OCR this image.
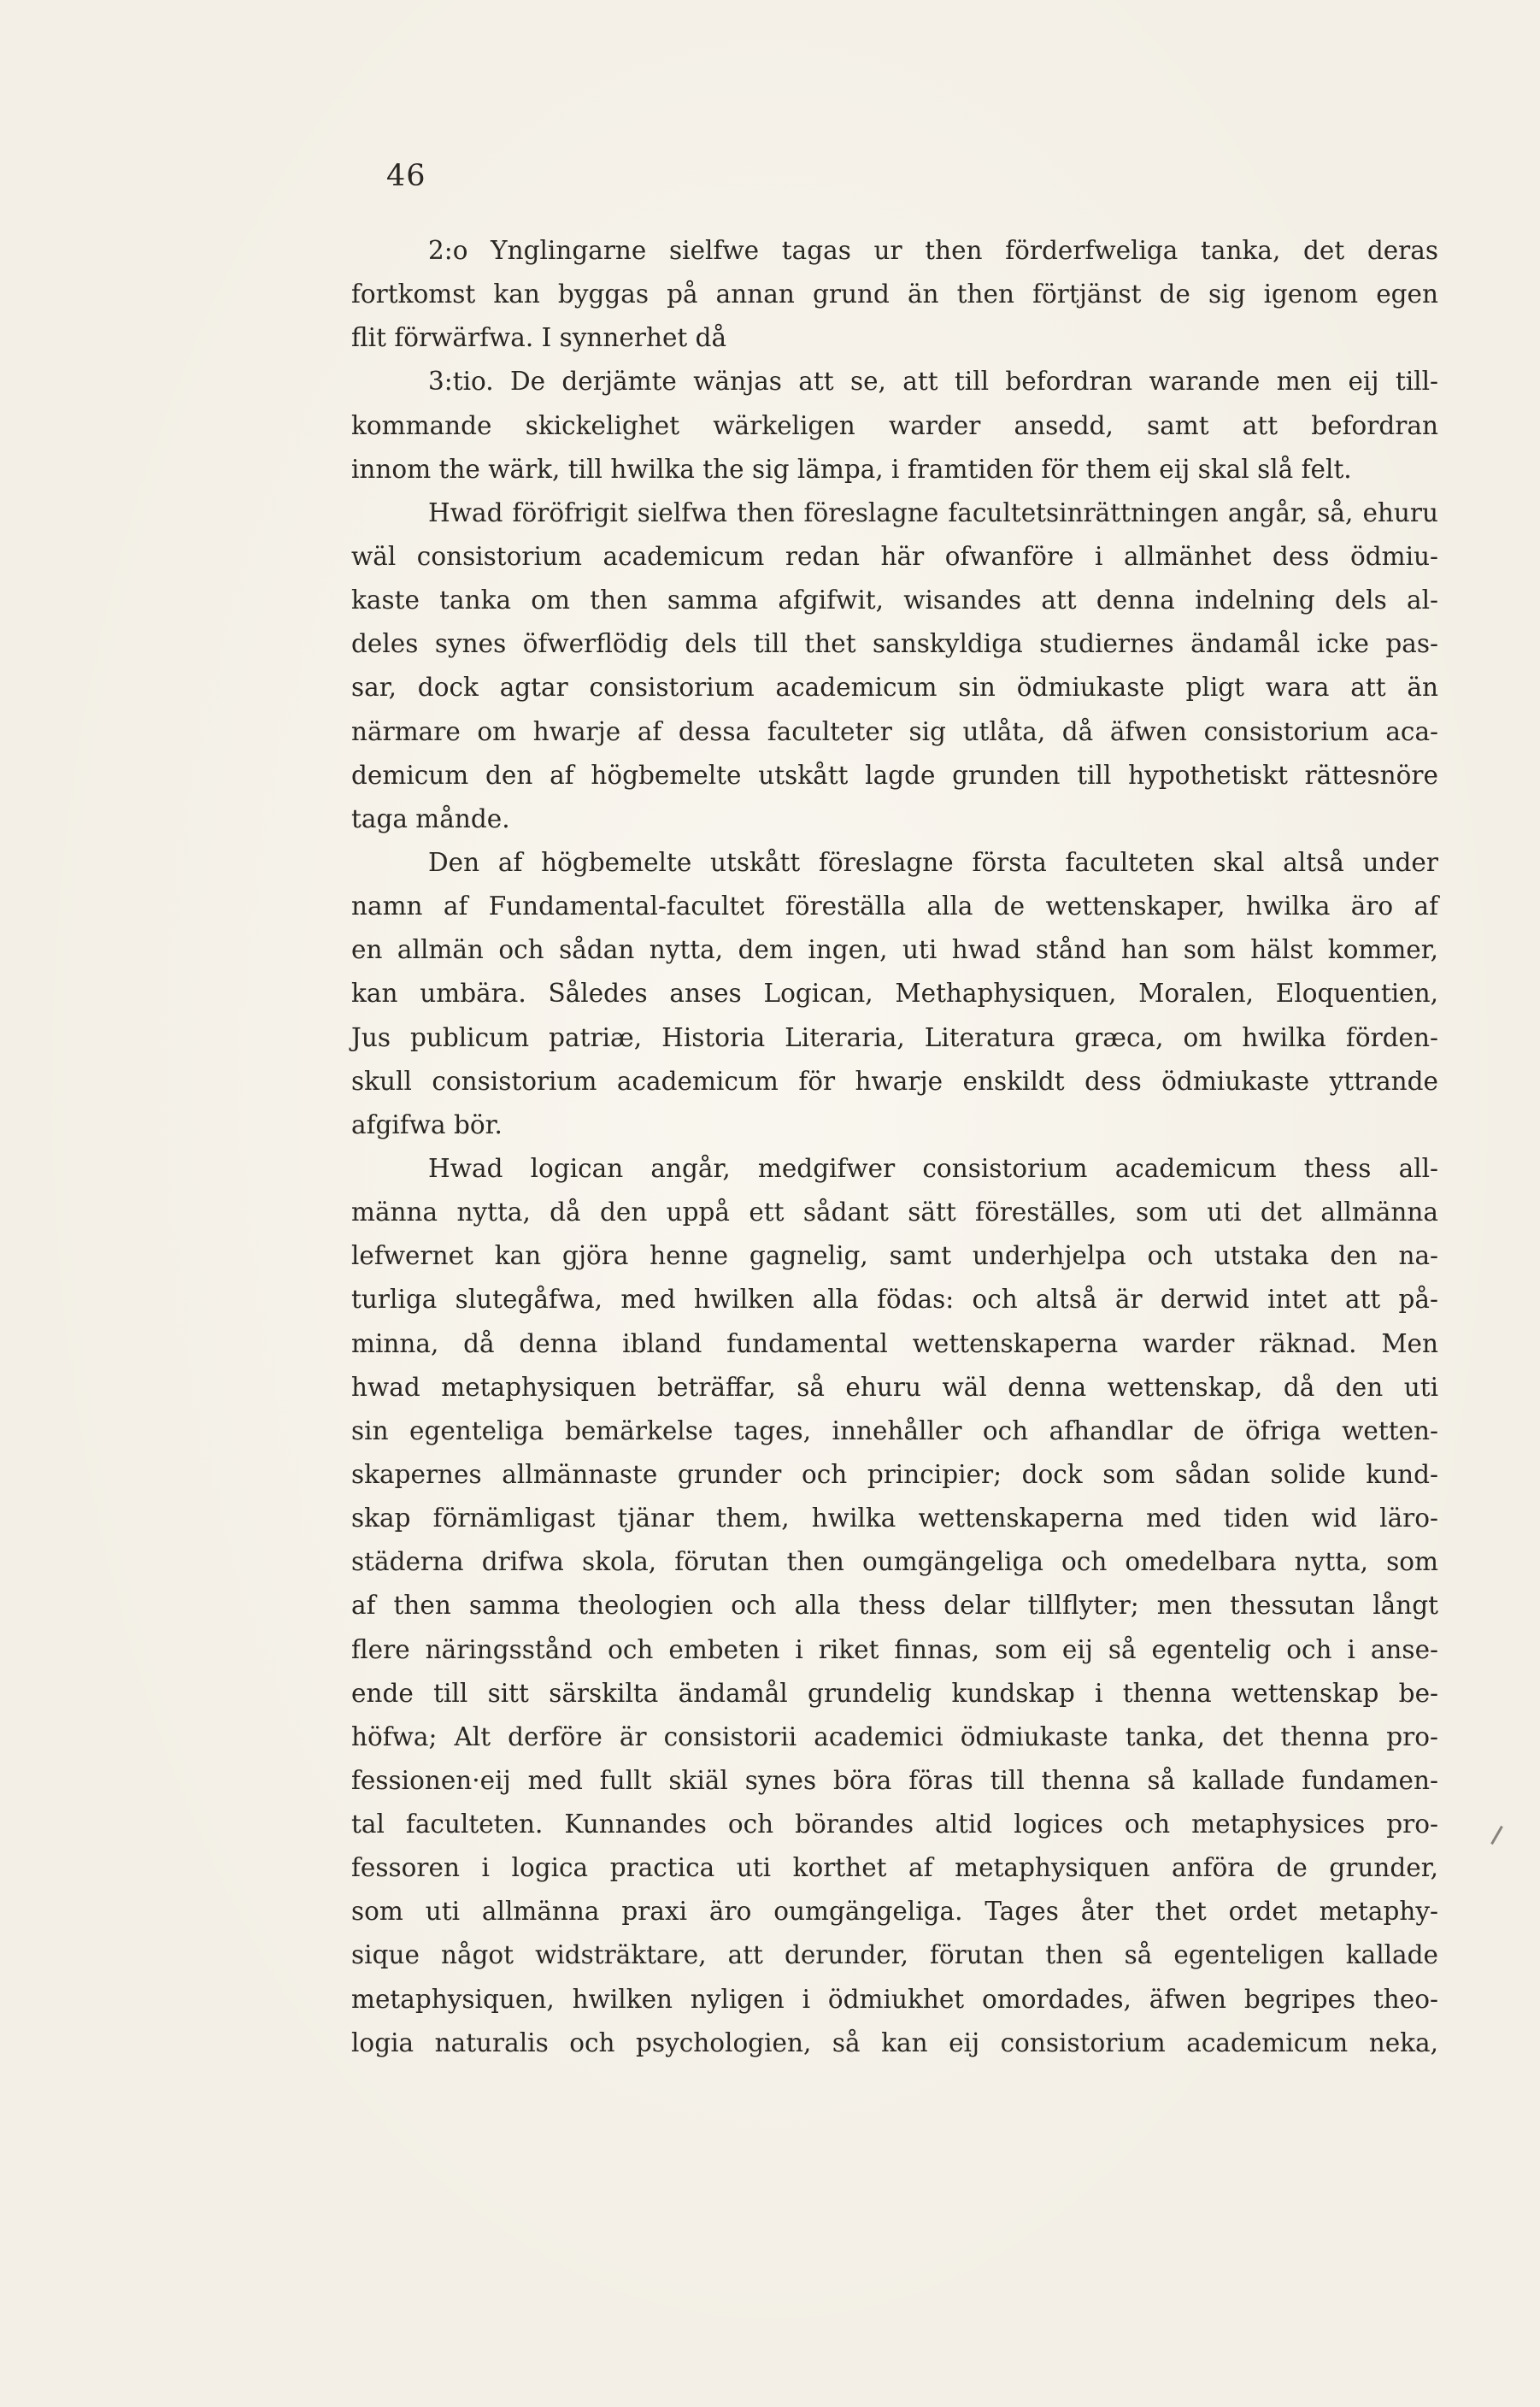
46

2:o Ynglingarne sielfwe tagas ur then förderfweliga tanka, det deras
fortkomst kan byggas på annan grund än then förtjänst de sig igenom egen
flit förwärfwa. I synnerhet då

3:tio. De derjämte wänjas att se, att till befordran warande men eij till-
kommande skickelighet wärkeligen warder ansedd, samt att befordran
innom the wärk, till hwilka the sig lämpa, i framtiden för them eij skal slå felt.

Hwad föröfrigit sielfwa then föreslagne facultetsinrättningen angår, så, ehuru
wäl consistorium academicum redan här ofwanföre i allmänhet dess ödmiu-
kaste tanka om then samma afgifwit, wisandes att denna indelning dels al-
deles synes öfwerflödig dels till thet sanskyldiga studiernes ändamål icke pas-
sar, dock agtar consistorium academicum sin ödmiukaste pligt wara att än
närmare om hwarje af dessa faculteter sig utlåta, då äfwen consistorium aca-
demicum den af högbemelte utskått lagde grunden till hypothetiskt rättesnöre
taga månde.

Den af högbemelte utskått föreslagne första faculteten skal altså under
namn af Fundamental-facultet föreställa alla de wettenskaper, hwilka äro af
en allmän och sådan nytta, dem ingen, uti hwad stånd han som hälst kommer,
kan umbära. Således anses Logican, Methaphysiquen, Moralen, Eloquentien,
Jus publicum patriæ, Historia Literaria, Literatura græca, om hwilka förden-
skull consistorium academicum för hwarje enskildt dess ödmiukaste yttrande
afgifwa bör.

Hwad logican angår, medgifwer consistorium academicum thess all-
männa nytta, då den uppå ett sådant sätt föreställes, som uti det allmänna
lefwernet kan gjöra henne gagnelig, samt underhjelpa och utstaka den na-
turliga slutegåfwa, med hwilken alla födas: och altså är derwid intet att på-
minna, då denna ibland fundamental wettenskaperna warder räknad. Men
hwad metaphysiquen beträffar, så ehuru wäl denna wettenskap, då den uti
sin egenteliga bemärkelse tages, innehåller och afhandlar de öfriga wetten-
skapernes allmännaste grunder och principier; dock som sådan solide kund-
skap förnämligast tjänar them, hwilka wettenskaperna med tiden wid läro-
städerna drifwa skola, förutan then oumgängeliga och omedelbara nytta, som
af then samma theologien och alla thess delar tillflyter; men thessutan långt
flere näringsstånd och embeten i riket finnas, som eij så egentelig och i anse-
ende till sitt särskilta ändamål grundelig kundskap i thenna wettenskap be-
höfwa; Alt derföre är consistorii academici ödmiukaste tanka, det thenna pro-
fessionen·eij med fullt skiäl synes böra föras till thenna så kallade fundamen-
tal faculteten. Kunnandes och börandes altid logices och metaphysices pro-
fessoren i logica practica uti korthet af metaphysiquen anföra de grunder,
som uti allmänna praxi äro oumgängeliga. Tages åter thet ordet metaphy-
sique något widsträktare, att derunder, förutan then så egenteligen kallade
metaphysiquen, hwilken nyligen i ödmiukhet omordades, äfwen begripes theo-
logia naturalis och psychologien, så kan eij consistorium academicum neka,
